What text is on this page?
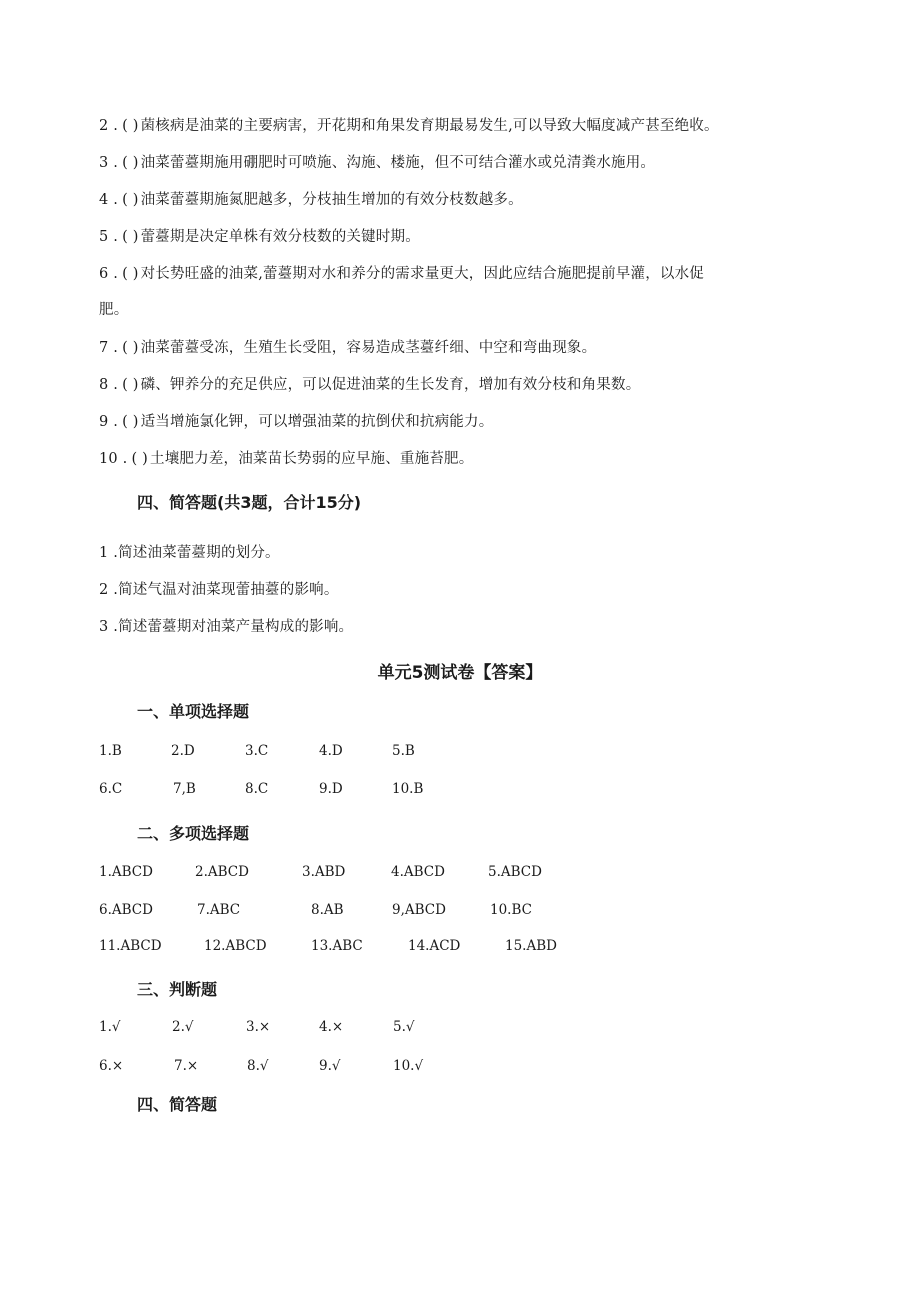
2 . ( ) 菌核病是油菜的主要病害，开花期和角果发育期最易发生,可以导致大幅度减产甚至绝收。
3 . ( ) 油菜蕾薹期施用硼肥时可喷施、沟施、楼施，但不可结合灌水或兑清粪水施用。
4 . ( ) 油菜蕾薹期施氮肥越多，分枝抽生增加的有效分枝数越多。
5 . ( ) 蕾薹期是决定单株有效分枝数的关键时期。
6 . ( ) 对长势旺盛的油菜,蕾薹期对水和养分的需求量更大，因此应结合施肥提前早灌，以水促
肥。
7 . ( ) 油菜蕾薹受冻，生殖生长受阻，容易造成茎薹纤细、中空和弯曲现象。
8 . ( ) 磷、钾养分的充足供应，可以促进油菜的生长发育，增加有效分枝和角果数。
9 . ( ) 适当增施氯化钾，可以增强油菜的抗倒伏和抗病能力。
10 . ( ) 土壤肥力差，油菜苗长势弱的应早施、重施苔肥。
四、简答题(共3题，合计15分)
1 .简述油菜蕾薹期的划分。
2 .简述气温对油菜现蕾抽薹的影响。
3 .简述蕾薹期对油菜产量构成的影响。
单元5测试卷【答案】
一、单项选择题
1.B	2.D	3.C	4.D	5.B
6.C	7,B	8.C	9.D	10.B
二、多项选择题
1.ABCD	2.ABCD	3.ABD	4.ABCD	5.ABCD
6.ABCD	7.ABC	8.AB	9,ABCD	10.BC
11.ABCD	12.ABCD	13.ABC	14.ACD	15.ABD
三、判断题
1.√	2.√	3.×	4.×	5.√
6.×	7.×	8.√	9.√	10.√
四、简答题
